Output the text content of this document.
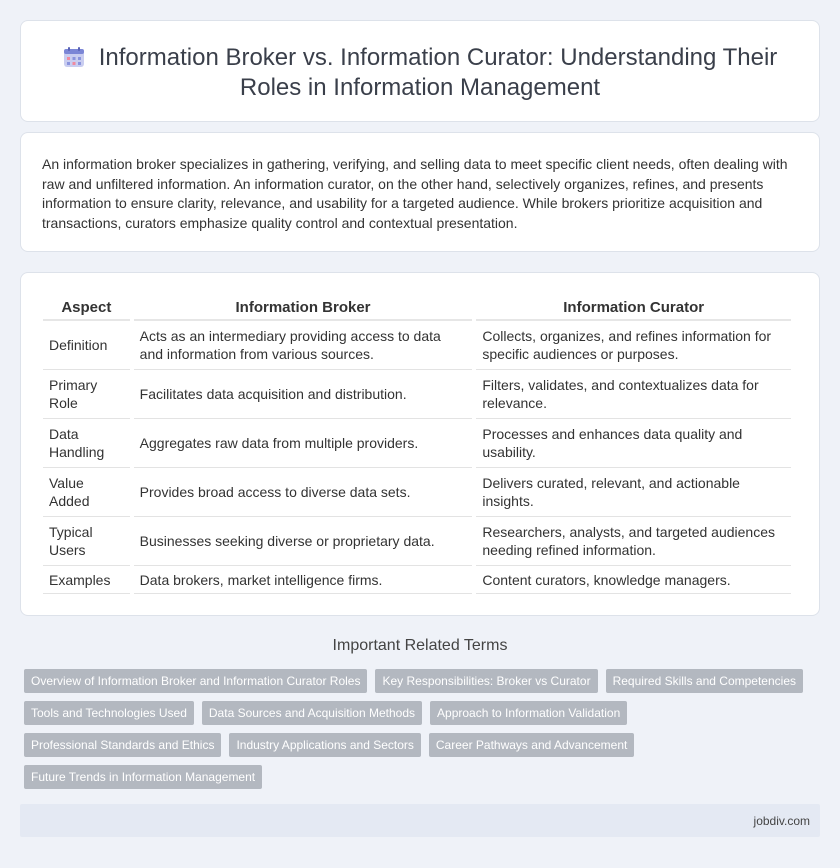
Information Broker vs. Information Curator: Understanding Their Roles in Information Management

An information broker specializes in gathering, verifying, and selling data to meet specific client needs, often dealing with raw and unfiltered information. An information curator, on the other hand, selectively organizes, refines, and presents information to ensure clarity, relevance, and usability for a targeted audience. While brokers prioritize acquisition and transactions, curators emphasize quality control and contextual presentation.

Aspect	Information Broker	Information Curator
Definition	Acts as an intermediary providing access to data and information from various sources.	Collects, organizes, and refines information for specific audiences or purposes.
Primary Role	Facilitates data acquisition and distribution.	Filters, validates, and contextualizes data for relevance.
Data Handling	Aggregates raw data from multiple providers.	Processes and enhances data quality and usability.
Value Added	Provides broad access to diverse data sets.	Delivers curated, relevant, and actionable insights.
Typical Users	Businesses seeking diverse or proprietary data.	Researchers, analysts, and targeted audiences needing refined information.
Examples	Data brokers, market intelligence firms.	Content curators, knowledge managers.
Important Related Terms
Overview of Information Broker and Information Curator Roles	Key Responsibilities: Broker vs Curator	Required Skills and Competencies
Tools and Technologies Used	Data Sources and Acquisition Methods	Approach to Information Validation
Professional Standards and Ethics	Industry Applications and Sectors	Career Pathways and Advancement
Future Trends in Information Management
jobdiv.com
